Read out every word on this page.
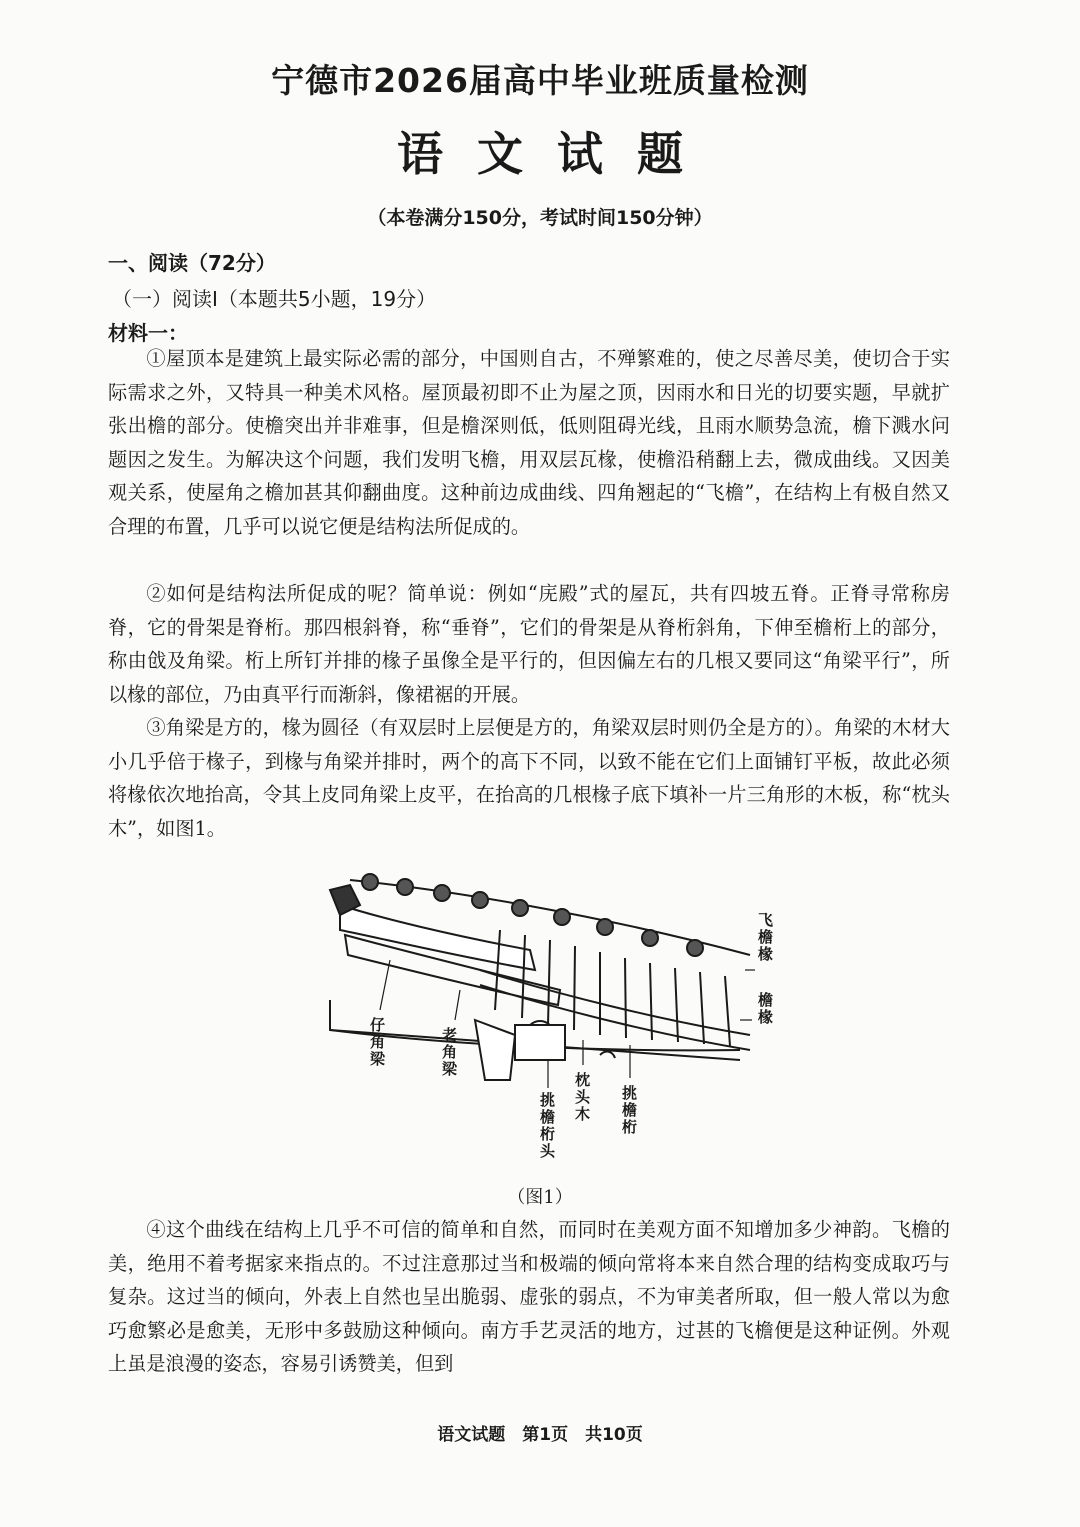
宁德市2026届高中毕业班质量检测
语文试题
（本卷满分150分，考试时间150分钟）
一、阅读（72分）
（一）阅读Ⅰ（本题共5小题，19分）
材料一：

①屋顶本是建筑上最实际必需的部分，中国则自古，不殚繁难的，使之尽善尽美，使切合于实际需求之外，又特具一种美术风格。屋顶最初即不止为屋之顶，因雨水和日光的切要实题，早就扩张出檐的部分。使檐突出并非难事，但是檐深则低，低则阻碍光线，且雨水顺势急流，檐下溅水问题因之发生。为解决这个问题，我们发明飞檐，用双层瓦椽，使檐沿稍翻上去，微成曲线。又因美观关系，使屋角之檐加甚其仰翻曲度。这种前边成曲线、四角翘起的“飞檐”，在结构上有极自然又合理的布置，几乎可以说它便是结构法所促成的。

②如何是结构法所促成的呢？简单说：例如“庑殿”式的屋瓦，共有四坡五脊。正脊寻常称房脊，它的骨架是脊桁。那四根斜脊，称“垂脊”，它们的骨架是从脊桁斜角，下伸至檐桁上的部分，称由戗及角梁。桁上所钉并排的椽子虽像全是平行的，但因偏左右的几根又要同这“角梁平行”，所以椽的部位，乃由真平行而渐斜，像裙裾的开展。

③角梁是方的，椽为圆径（有双层时上层便是方的，角梁双层时则仍全是方的）。角梁的木材大小几乎倍于椽子，到椽与角梁并排时，两个的高下不同，以致不能在它们上面铺钉平板，故此必须将椽依次地抬高，令其上皮同角梁上皮平，在抬高的几根椽子底下填补一片三角形的木板，称“枕头木”，如图1。

飞檐椽
檐椽
仔角梁
老角梁
挑檐桁头
枕头木
挑檐桁
（图1）

④这个曲线在结构上几乎不可信的简单和自然，而同时在美观方面不知增加多少神韵。飞檐的美，绝用不着考据家来指点的。不过注意那过当和极端的倾向常将本来自然合理的结构变成取巧与复杂。这过当的倾向，外表上自然也呈出脆弱、虚张的弱点，不为审美者所取，但一般人常以为愈巧愈繁必是愈美，无形中多鼓励这种倾向。南方手艺灵活的地方，过甚的飞檐便是这种证例。外观上虽是浪漫的姿态，容易引诱赞美，但到

语文试题　第1页　共10页
